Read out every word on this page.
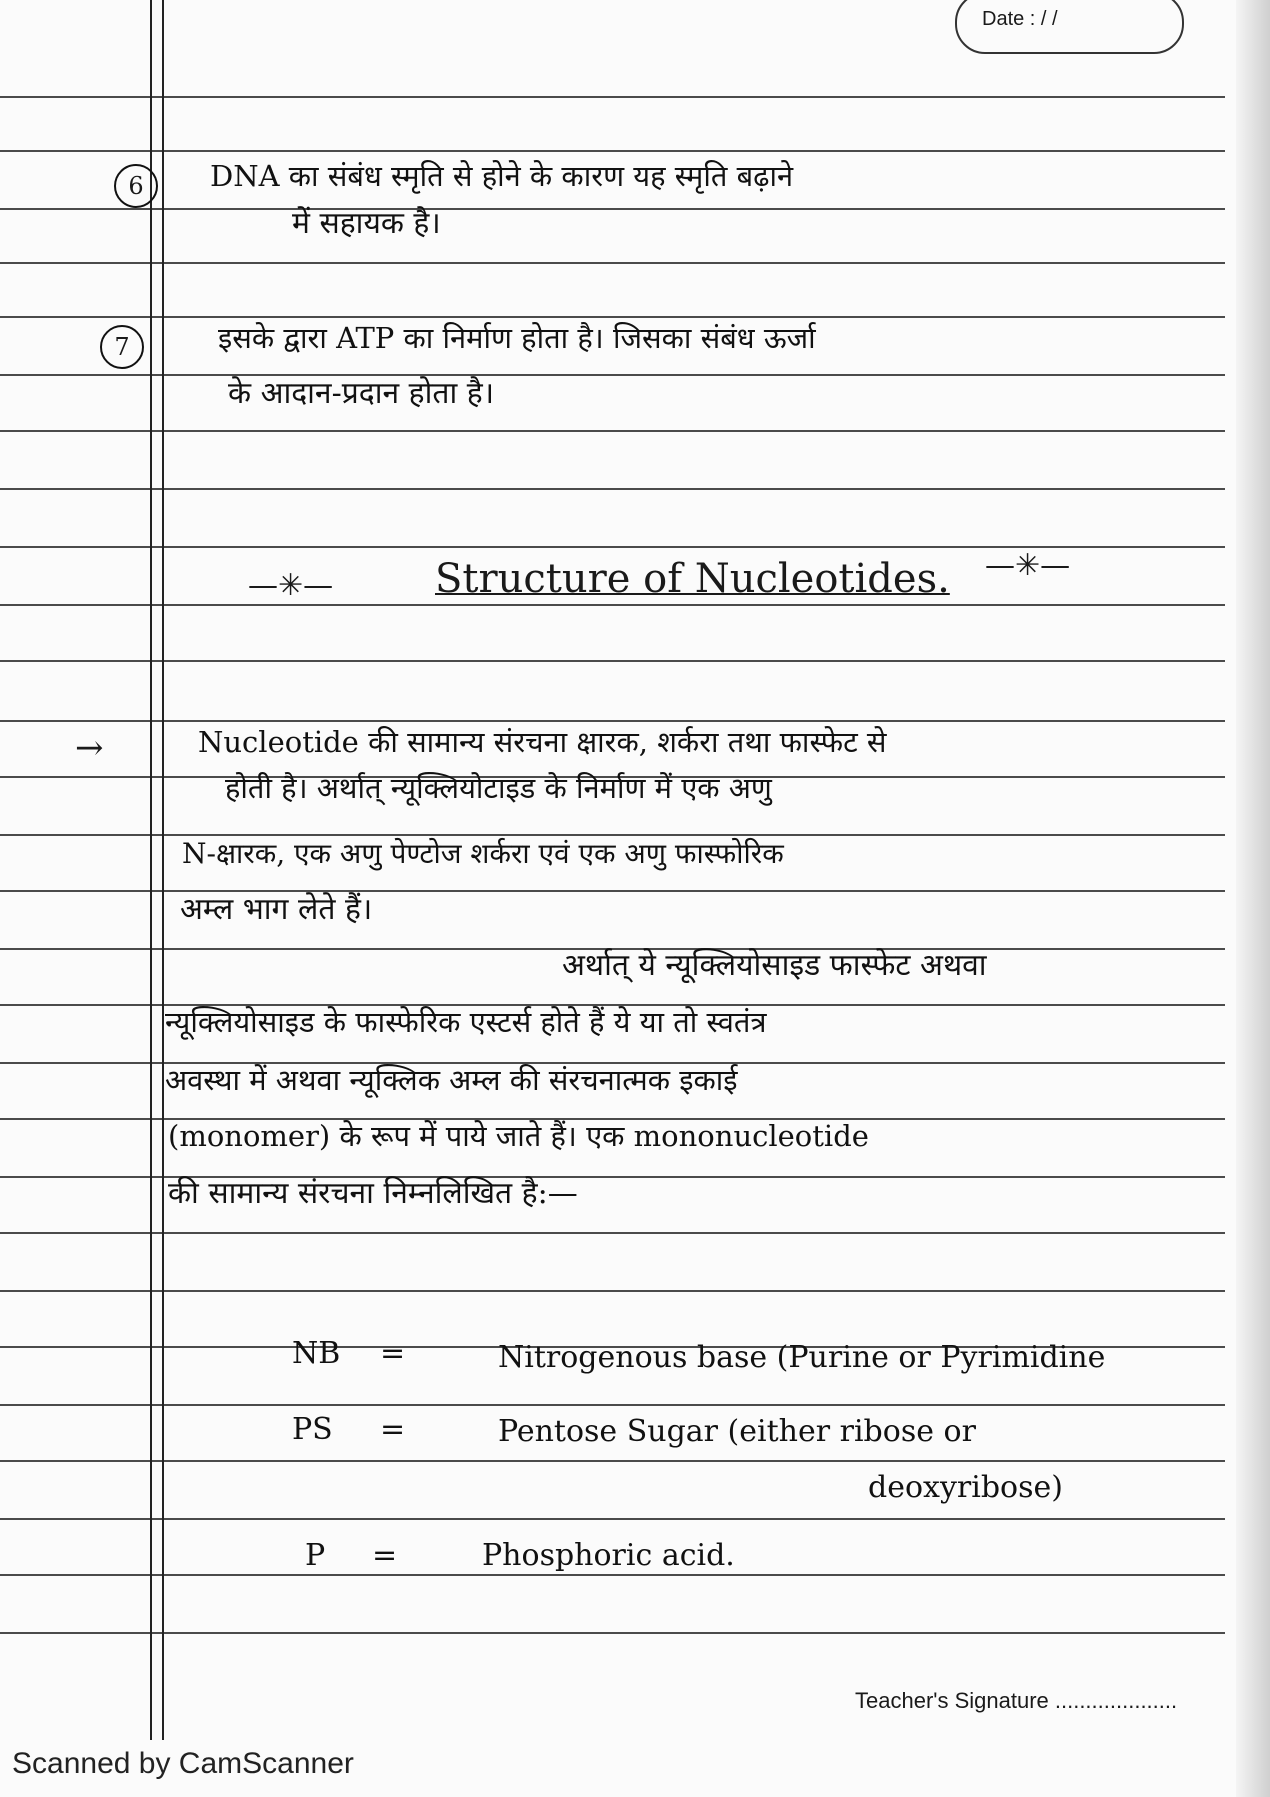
Date : / /
6	DNA का संबंध स्मृति से होने के कारण यह स्मृति बढ़ाने
में सहायक है।
7	इसके द्वारा ATP का निर्माण होता है। जिसका संबंध ऊर्जा
के आदान-प्रदान होता है।
—✳—	Structure of Nucleotides. —✳—
→	Nucleotide की सामान्य संरचना क्षारक, शर्करा तथा फास्फेट से
होती है। अर्थात् न्यूक्लियोटाइड के निर्माण में एक अणु
N-क्षारक, एक अणु पेण्टोज शर्करा एवं एक अणु फास्फोरिक
अम्ल भाग लेते हैं।
अर्थात् ये न्यूक्लियोसाइड फास्फेट अथवा
न्यूक्लियोसाइड के फास्फेरिक एस्टर्स होते हैं ये या तो स्वतंत्र
अवस्था में अथवा न्यूक्लिक अम्ल की संरचनात्मक इकाई
(monomer) के रूप में पाये जाते हैं। एक mononucleotide
की सामान्य संरचना निम्नलिखित है:—
NB =	Nitrogenous base (Purine or Pyrimidine
PS =	Pentose Sugar (either ribose or
deoxyribose)
P =	Phosphoric acid.
Teacher's Signature ....................
Scanned by CamScanner
